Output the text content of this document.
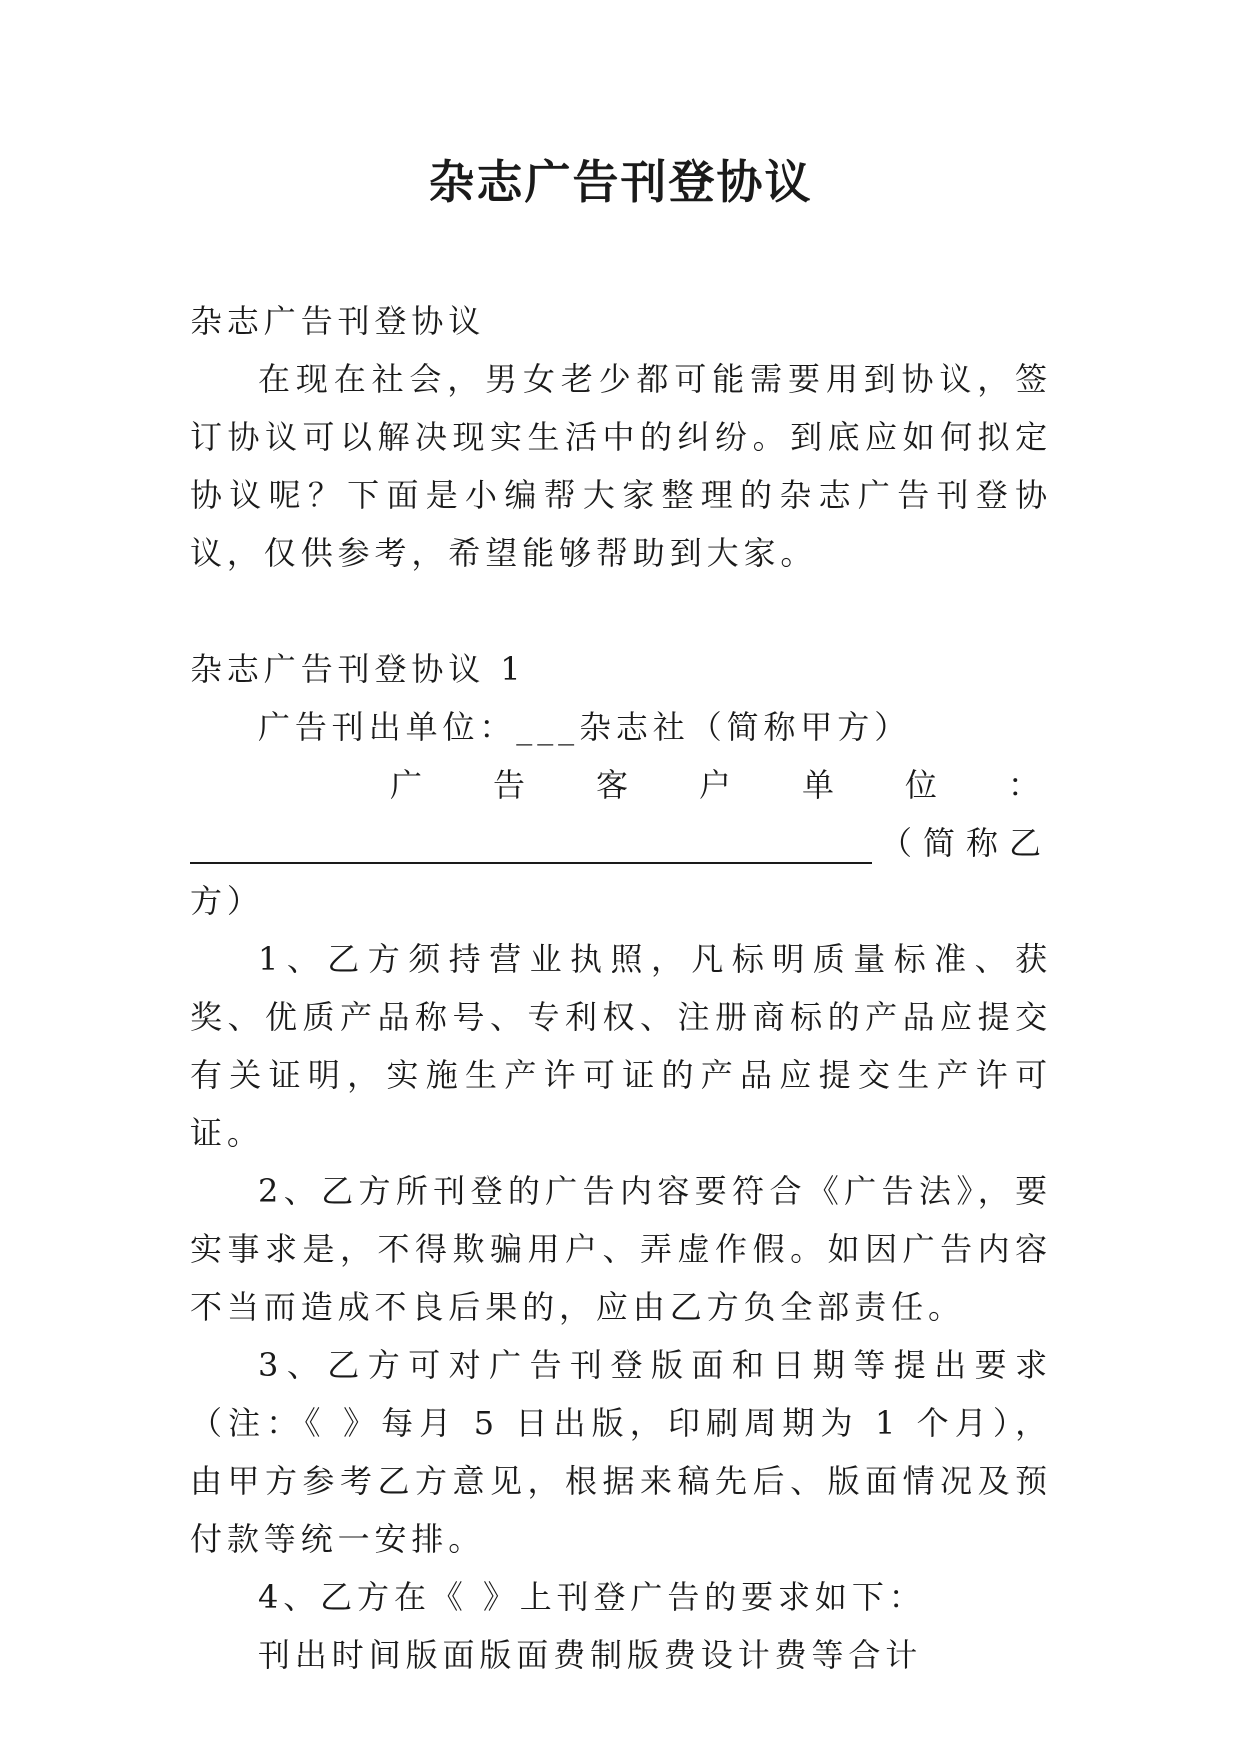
杂志广告刊登协议

杂志广告刊登协议

在现在社会，男女老少都可能需要用到协议，签订协议可以解决现实生活中的纠纷。到底应如何拟定协议呢？下面是小编帮大家整理的杂志广告刊登协议，仅供参考，希望能够帮助到大家。

杂志广告刊登协议 1

广告刊出单位：___杂志社（简称甲方）

广 告 客 户 单 位 ：
（简称乙

方）

1、乙方须持营业执照，凡标明质量标准、获奖、优质产品称号、专利权、注册商标的产品应提交有关证明，实施生产许可证的产品应提交生产许可证。

2、乙方所刊登的广告内容要符合《广告法》，要实事求是，不得欺骗用户、弄虚作假。如因广告内容不当而造成不良后果的，应由乙方负全部责任。

3、乙方可对广告刊登版面和日期等提出要求（注：《 》每月 5 日出版，印刷周期为 1 个月），由甲方参考乙方意见，根据来稿先后、版面情况及预付款等统一安排。

4、乙方在《 》上刊登广告的要求如下：

刊出时间版面版面费制版费设计费等合计
